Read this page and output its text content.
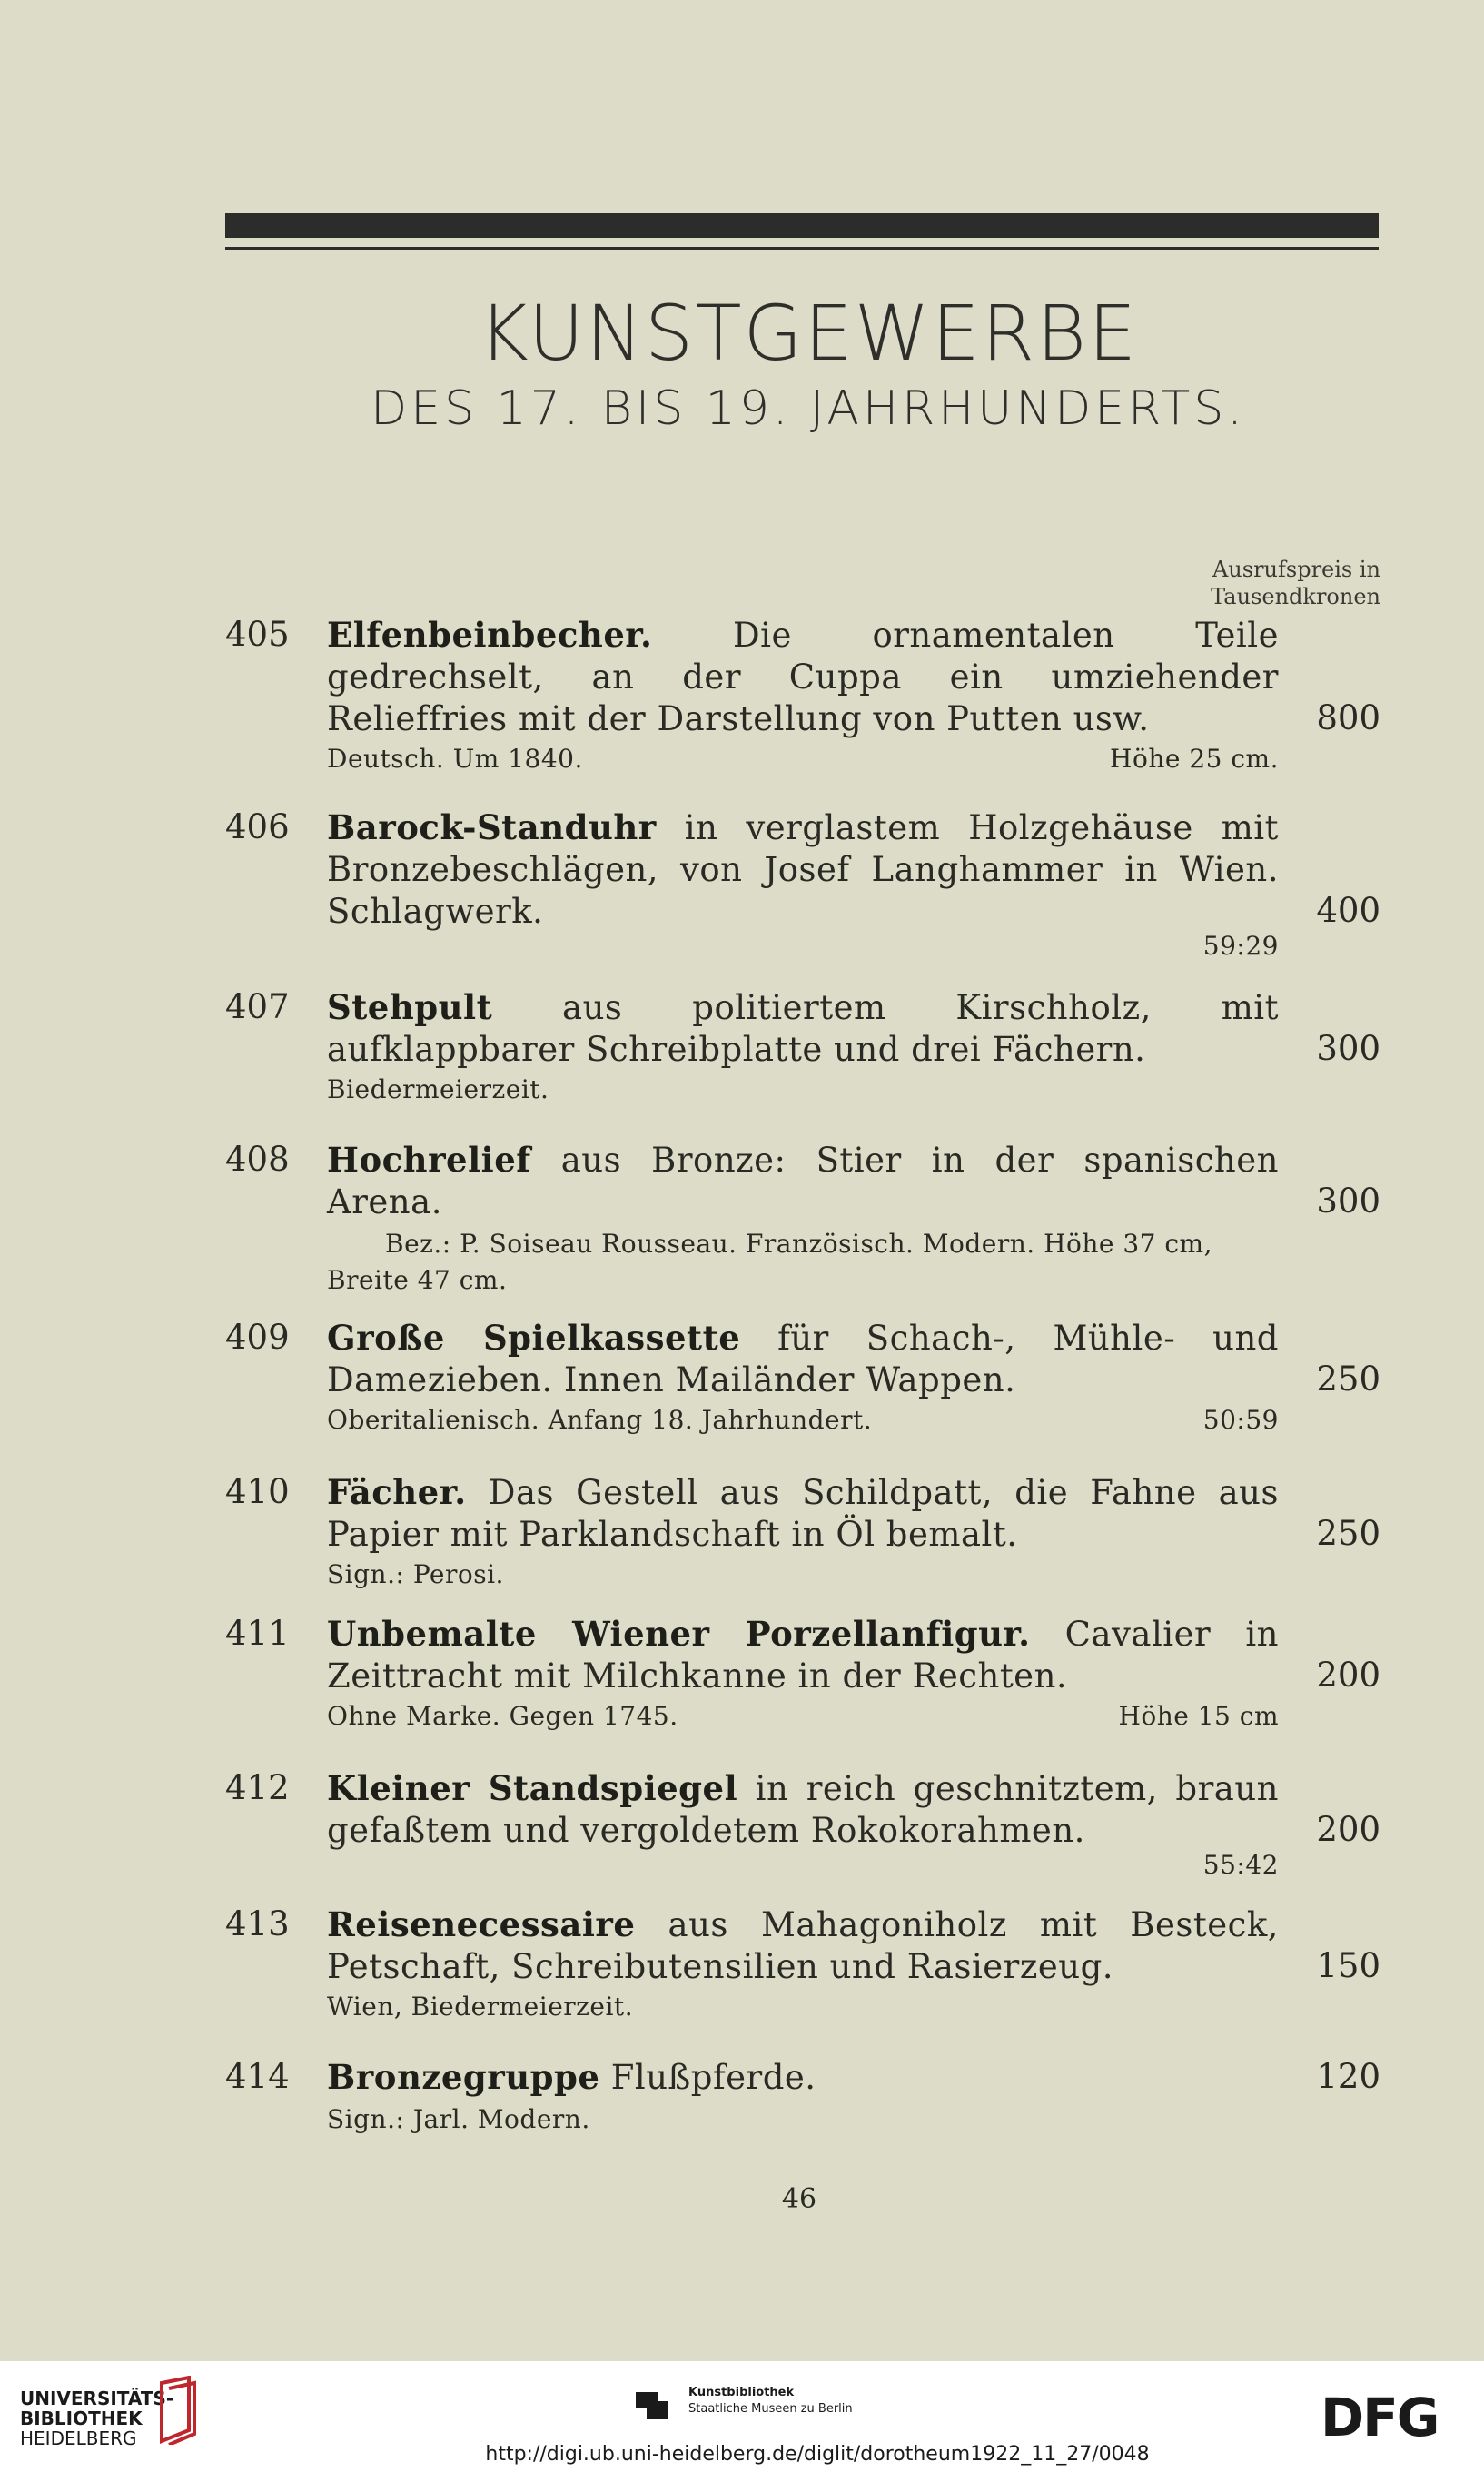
KUNSTGEWERBE
DES 17. BIS 19. JAHRHUNDERTS.
Ausrufspreis in
Tausendkronen
405 Elfenbeinbecher. Die ornamentalen Teile gedrechselt, an der Cuppa ein umziehender Relieffries mit der Darstellung von Putten usw.	800
Deutsch. Um 1840.	Höhe 25 cm.
406 Barock-Standuhr in verglastem Holzgehäuse mit Bronzebeschlägen, von Josef Langhammer in Wien. Schlagwerk.	400
59:29
407 Stehpult aus politiertem Kirschholz, mit aufklappbarer Schreibplatte und drei Fächern.	300
Biedermeierzeit.
408 Hochrelief aus Bronze: Stier in der spanischen Arena.	300
Bez.: P. Soiseau Rousseau. Französisch. Modern. Höhe 37 cm, Breite 47 cm.
409 Große Spielkassette für Schach-, Mühle- und Damezieben. Innen Mailänder Wappen.	250
Oberitalienisch. Anfang 18. Jahrhundert.	50:59
410 Fächer. Das Gestell aus Schildpatt, die Fahne aus Papier mit Parklandschaft in Öl bemalt.	250
Sign.: Perosi.
411 Unbemalte Wiener Porzellanfigur. Cavalier in Zeittracht mit Milchkanne in der Rechten.	200
Ohne Marke. Gegen 1745.	Höhe 15 cm
412 Kleiner Standspiegel in reich geschnitztem, braun gefaßtem und vergoldetem Rokokorahmen.	200
55:42
413 Reisenecessaire aus Mahagoniholz mit Besteck, Petschaft, Schreibutensilien und Rasierzeug.	150
Wien, Biedermeierzeit.
414 Bronzegruppe Flußpferde.	120
Sign.: Jarl. Modern.
46
UNIVERSITÄTS-
BIBLIOTHEK
HEIDELBERG
Kunstbibliothek
Staatliche Museen zu Berlin	DFG
http://digi.ub.uni-heidelberg.de/diglit/dorotheum1922_11_27/0048
